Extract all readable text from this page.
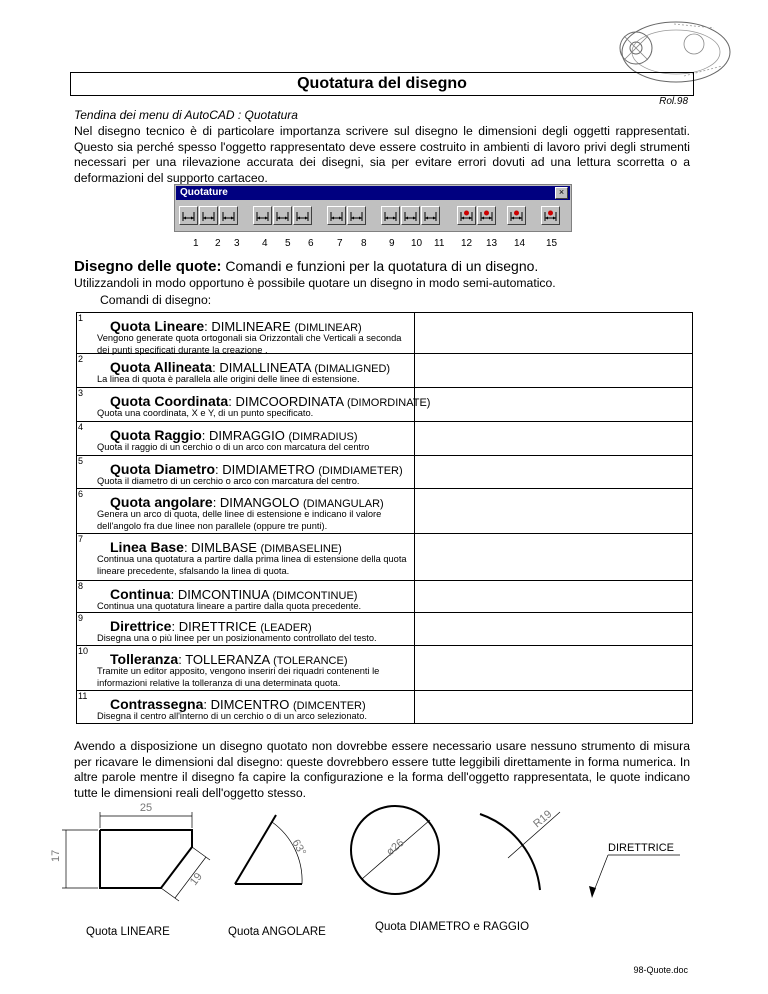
Quotatura del disegno
Rol.98
Tendina dei menu di AutoCAD : Quotatura
Nel disegno tecnico è di particolare importanza scrivere sul disegno le dimensioni degli oggetti rappresentati. Questo sia perché spesso l'oggetto rappresentato deve essere costruito in ambienti di lavoro privi degli strumenti necessari per una rilevazione accurata dei disegni, sia per evitare errori dovuti ad una lettura scorretta o a deformazioni del supporto cartaceo.
Quotature	×
1 2 3 4 5 6 7 8 9 10 11 12 13 14 15
Disegno delle quote: Comandi e funzioni per la quotatura di un disegno.
Utilizzandoli in modo opportuno è possibile quotare un disegno in modo semi-automatico.
Comandi di disegno:
1 Quota Lineare: DIMLINEARE (DIMLINEAR)
Vengono generate quota ortogonali sia Orizzontali che Verticali a seconda dei punti specificati durante la creazione .
2 Quota Allineata: DIMALLINEATA (DIMALIGNED)
La linea di quota è parallela alle origini delle linee di estensione.
3 Quota Coordinata: DIMCOORDINATA (DIMORDINATE)
Quota una coordinata, X e Y, di un punto specificato.
4 Quota Raggio: DIMRAGGIO (DIMRADIUS)
Quota il raggio di un cerchio o di un arco con marcatura del centro
5 Quota Diametro: DIMDIAMETRO (DIMDIAMETER)
Quota il diametro di un cerchio o arco con marcatura del centro.
6 Quota angolare: DIMANGOLO (DIMANGULAR)
Genera un arco di quota, delle linee di estensione e indicano il valore dell'angolo fra due linee non parallele (oppure tre punti).
7 Linea Base: DIMLBASE (DIMBASELINE)
Continua una quotatura a partire dalla prima linea di estensione della quota lineare precedente, sfalsando la linea di quota.
8 Continua: DIMCONTINUA (DIMCONTINUE)
Continua una quotatura lineare a partire dalla quota precedente.
9 Direttrice: DIRETTRICE (LEADER)
Disegna una o più linee per un posizionamento controllato del testo.
10 Tolleranza: TOLLERANZA (TOLERANCE)
Tramite un editor apposito, vengono inseriri dei riquadri contenenti le informazioni relative la tolleranza di una determinata quota.
11 Contrassegna: DIMCENTRO (DIMCENTER)
Disegna il centro all'interno di un cerchio o di un arco selezionato.
Avendo a disposizione un disegno quotato non dovrebbe essere necessario usare nessuno strumento di misura per ricavare le dimensioni dal disegno: queste dovrebbero essere tutte leggibili direttamente in forma numerica. In altre parole mentre il disegno fa capire la configurazione e la forma dell'oggetto rappresentata, le quote indicano tutte le dimensioni reali dell'oggetto stesso.
25
17
19
63°	ø26
R19
DIRETTRICE
Quota LINEARE	Quota ANGOLARE	Quota DIAMETRO e RAGGIO
98-Quote.doc
